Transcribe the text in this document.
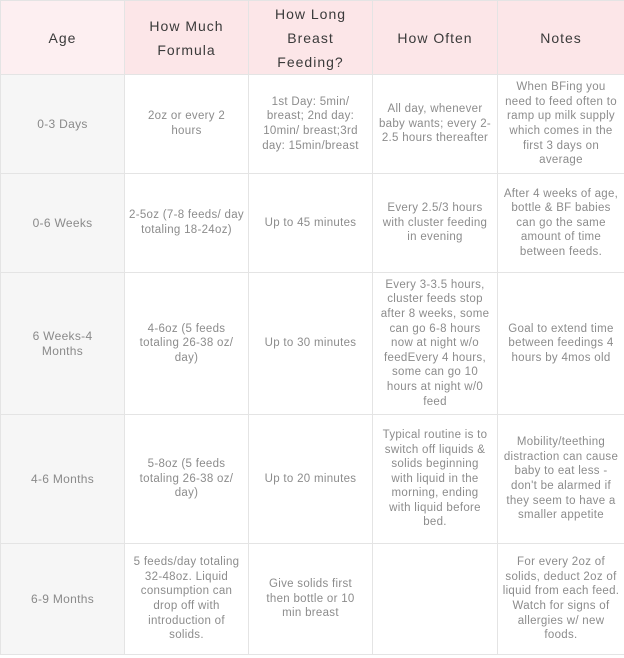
Age	How Much Formula	How Long Breast Feeding?	How Often	Notes
0-3 Days	2oz or every 2 hours	1st Day: 5min/ breast; 2nd day: 10min/ breast;3rd day: 15min/breast	All day, whenever baby wants; every 2-2.5 hours thereafter	When BFing you need to feed often to ramp up milk supply which comes in the first 3 days on average
0-6 Weeks	2-5oz (7-8 feeds/ day totaling 18-24oz)	Up to 45 minutes	Every 2.5/3 hours with cluster feeding in evening	After 4 weeks of age, bottle & BF babies can go the same amount of time between feeds.
6 Weeks-4 Months	4-6oz (5 feeds totaling 26-38 oz/ day)	Up to 30 minutes	Every 3-3.5 hours, cluster feeds stop after 8 weeks, some can go 6-8 hours now at night w/o feedEvery 4 hours, some can go 10 hours at night w/0 feed	Goal to extend time between feedings 4 hours by 4mos old
4-6 Months	5-8oz (5 feeds totaling 26-38 oz/ day)	Up to 20 minutes	Typical routine is to switch off liquids & solids beginning with liquid in the morning, ending with liquid before bed.	Mobility/teething distraction can cause baby to eat less - don't be alarmed if they seem to have a smaller appetite
6-9 Months	5 feeds/day totaling 32-48oz. Liquid consumption can drop off with introduction of solids.	Give solids first then bottle or 10 min breast		For every 2oz of solids, deduct 2oz of liquid from each feed. Watch for signs of allergies w/ new foods.
